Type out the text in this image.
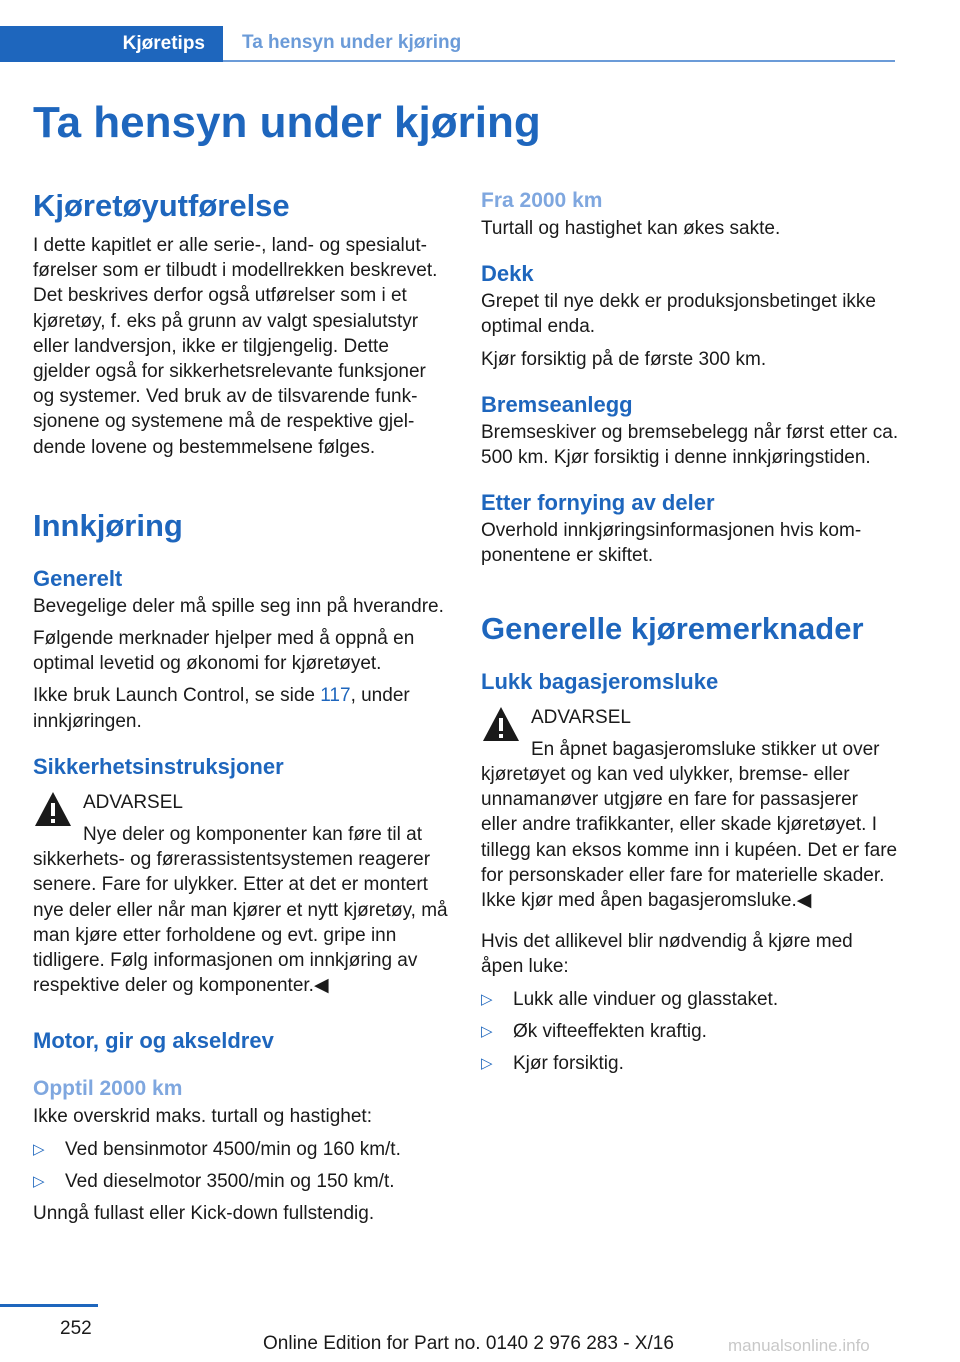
Kjøretips	Ta hensyn under kjøring
Ta hensyn under kjøring
Kjøretøyutførelse

I dette kapitlet er alle serie-, land- og spesialutførelser som er tilbudt i modellrekken beskrevet. Det beskrives derfor også utførelser som i et kjøretøy, f. eks på grunn av valgt spesialutstyr eller landversjon, ikke er tilgjengelig. Dette gjelder også for sikkerhetsrelevante funksjoner og systemer. Ved bruk av de tilsvarende funksjonene og systemene må de respektive gjeldende lovene og bestemmelsene følges.

Innkjøring
Generelt

Bevegelige deler må spille seg inn på hverandre.

Følgende merknader hjelper med å oppnå en optimal levetid og økonomi for kjøretøyet.

Ikke bruk Launch Control, se side 117, under innkjøringen.

Sikkerhetsinstruksjoner
ADVARSEL

Nye deler og komponenter kan føre til at sikkerhets- og førerassistentsystemen reagerer senere. Fare for ulykker. Etter at det er montert nye deler eller når man kjører et nytt kjøretøy, må man kjøre etter forholdene og evt. gripe inn tidligere. Følg informasjonen om innkjøring av respektive deler og komponenter.◀

Motor, gir og akseldrev
Opptil 2000 km

Ikke overskrid maks. turtall og hastighet:

▷ Ved bensinmotor 4500/min og 160 km/t.
▷ Ved dieselmotor 3500/min og 150 km/t.

Unngå fullast eller Kick-down fullstendig.

Fra 2000 km

Turtall og hastighet kan økes sakte.

Dekk

Grepet til nye dekk er produksjonsbetinget ikke optimal enda.

Kjør forsiktig på de første 300 km.

Bremseanlegg

Bremseskiver og bremsebelegg når først etter ca. 500 km. Kjør forsiktig i denne innkjøringstiden.

Etter fornying av deler

Overhold innkjøringsinformasjonen hvis komponentene er skiftet.

Generelle kjøremerknader
Lukk bagasjeromsluke
ADVARSEL

En åpnet bagasjeromsluke stikker ut over kjøretøyet og kan ved ulykker, bremse- eller unnamanøver utgjøre en fare for passasjerer eller andre trafikkanter, eller skade kjøretøyet. I tillegg kan eksos komme inn i kupéen. Det er fare for personskader eller fare for materielle skader. Ikke kjør med åpen bagasjeromsluke.◀

Hvis det allikevel blir nødvendig å kjøre med åpen luke:

▷ Lukk alle vinduer og glasstaket.
▷ Øk vifteeffekten kraftig.
▷ Kjør forsiktig.
252
Online Edition for Part no. 0140 2 976 283 - X/16	manualsonline.info
